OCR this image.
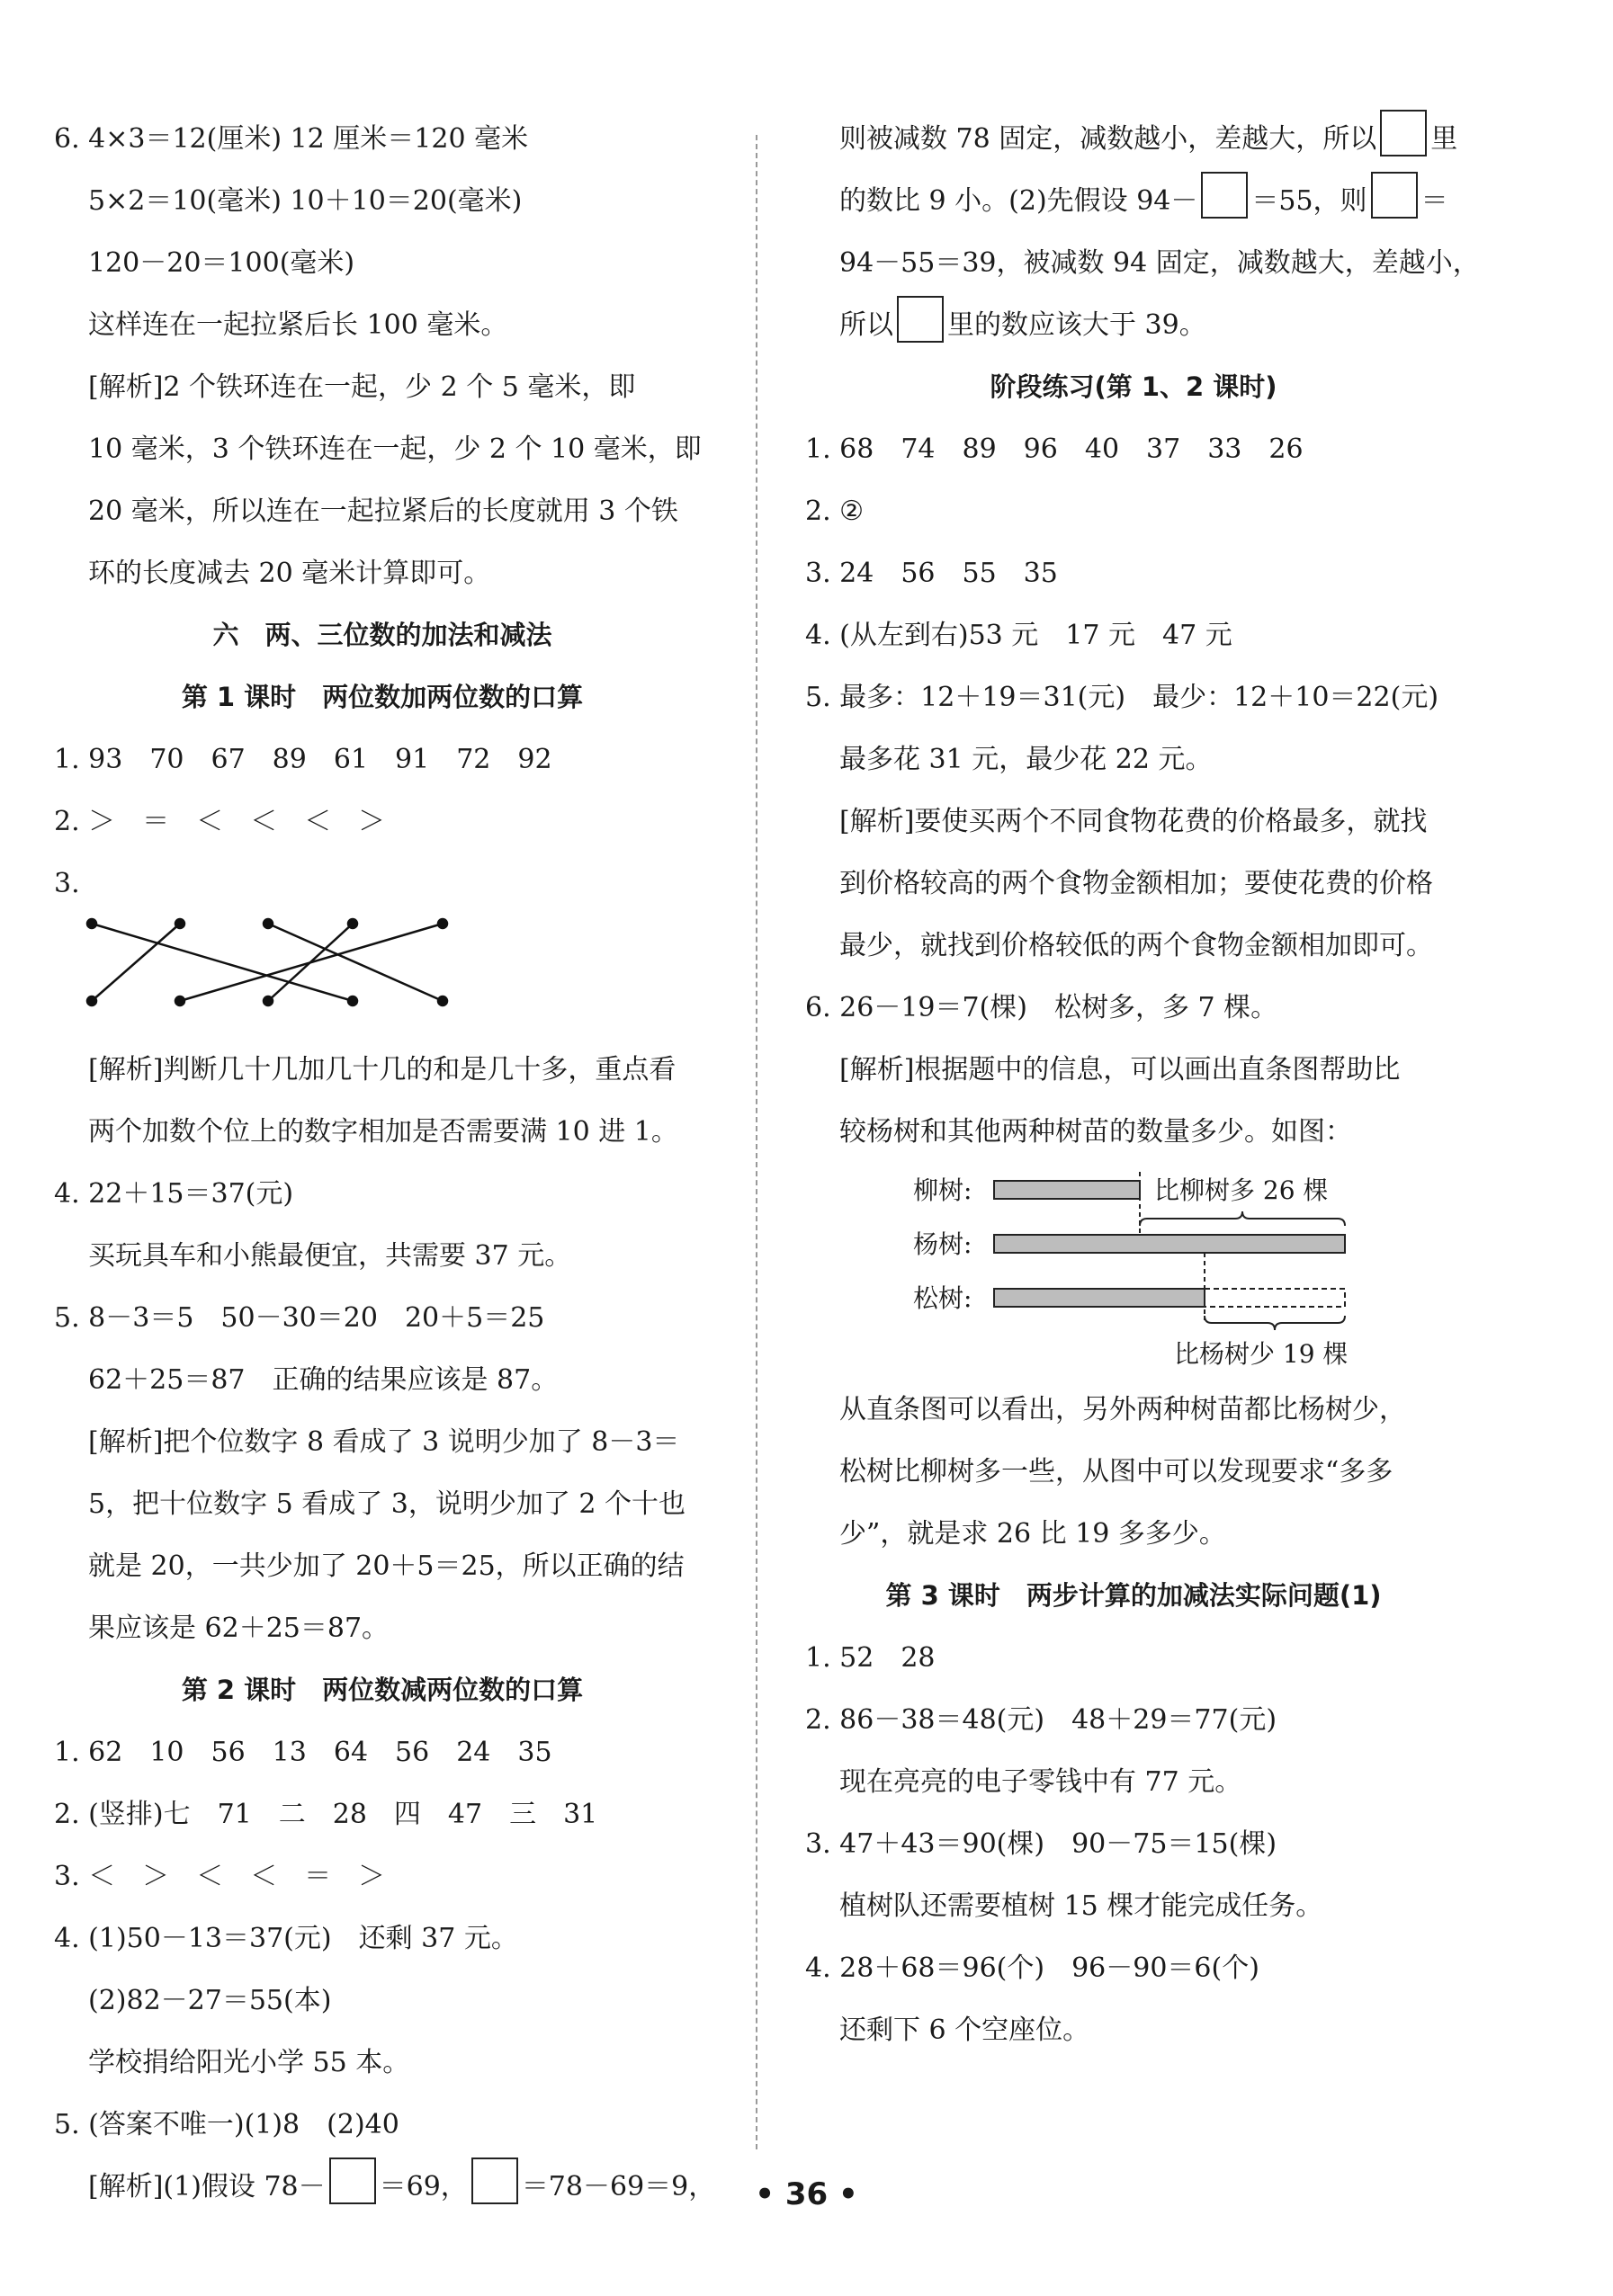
6. 4×3＝12(厘米) 12 厘米＝120 毫米
5×2＝10(毫米) 10＋10＝20(毫米)
120－20＝100(毫米)
这样连在一起拉紧后长 100 毫米。
[解析]2 个铁环连在一起，少 2 个 5 毫米，即
10 毫米，3 个铁环连在一起，少 2 个 10 毫米，即
20 毫米，所以连在一起拉紧后的长度就用 3 个铁
环的长度减去 20 毫米计算即可。
六　两、三位数的加法和减法
第 1 课时　两位数加两位数的口算
1. 93　70　67　89　61　91　72　92
2. ＞　＝　＜　＜　＜　＞
3.
[解析]判断几十几加几十几的和是几十多，重点看
两个加数个位上的数字相加是否需要满 10 进 1。
4. 22＋15＝37(元)
买玩具车和小熊最便宜，共需要 37 元。
5. 8－3＝5　50－30＝20　20＋5＝25
62＋25＝87　正确的结果应该是 87。
[解析]把个位数字 8 看成了 3 说明少加了 8－3＝
5，把十位数字 5 看成了 3，说明少加了 2 个十也
就是 20，一共少加了 20＋5＝25，所以正确的结
果应该是 62＋25＝87。
第 2 课时　两位数减两位数的口算
1. 62　10　56　13　64　56　24　35
2. (竖排)七　71　二　28　四　47　三　31
3. ＜　＞　＜　＜　＝　＞
4. (1)50－13＝37(元)　还剩 37 元。
(2)82－27＝55(本)
学校捐给阳光小学 55 本。
5. (答案不唯一)(1)8　(2)40
[解析](1)假设 78－ ＝69， ＝78－69＝9，
则被减数 78 固定，减数越小，差越大，所以 里
的数比 9 小。(2)先假设 94－ ＝55，则 ＝
94－55＝39，被减数 94 固定，减数越大，差越小，
所以 里的数应该大于 39。
阶段练习(第 1、2 课时)
1. 68　74　89　96　40　37　33　26
2. ②
3. 24　56　55　35
4. (从左到右)53 元　17 元　47 元
5. 最多：12＋19＝31(元)　最少：12＋10＝22(元)
最多花 31 元，最少花 22 元。
[解析]要使买两个不同食物花费的价格最多，就找
到价格较高的两个食物金额相加；要使花费的价格
最少，就找到价格较低的两个食物金额相加即可。
6. 26－19＝7(棵)　松树多，多 7 棵。
[解析]根据题中的信息，可以画出直条图帮助比
较杨树和其他两种树苗的数量多少。如图：
柳树:
杨树:
松树:
比柳树多 26 棵
比杨树少 19 棵
从直条图可以看出，另外两种树苗都比杨树少，
松树比柳树多一些，从图中可以发现要求“多多
少”，就是求 26 比 19 多多少。
第 3 课时　两步计算的加减法实际问题(1)
1. 52　28
2. 86－38＝48(元)　48＋29＝77(元)
现在亮亮的电子零钱中有 77 元。
3. 47＋43＝90(棵)　90－75＝15(棵)
植树队还需要植树 15 棵才能完成任务。
4. 28＋68＝96(个)　96－90＝6(个)
还剩下 6 个空座位。
• 36 •
